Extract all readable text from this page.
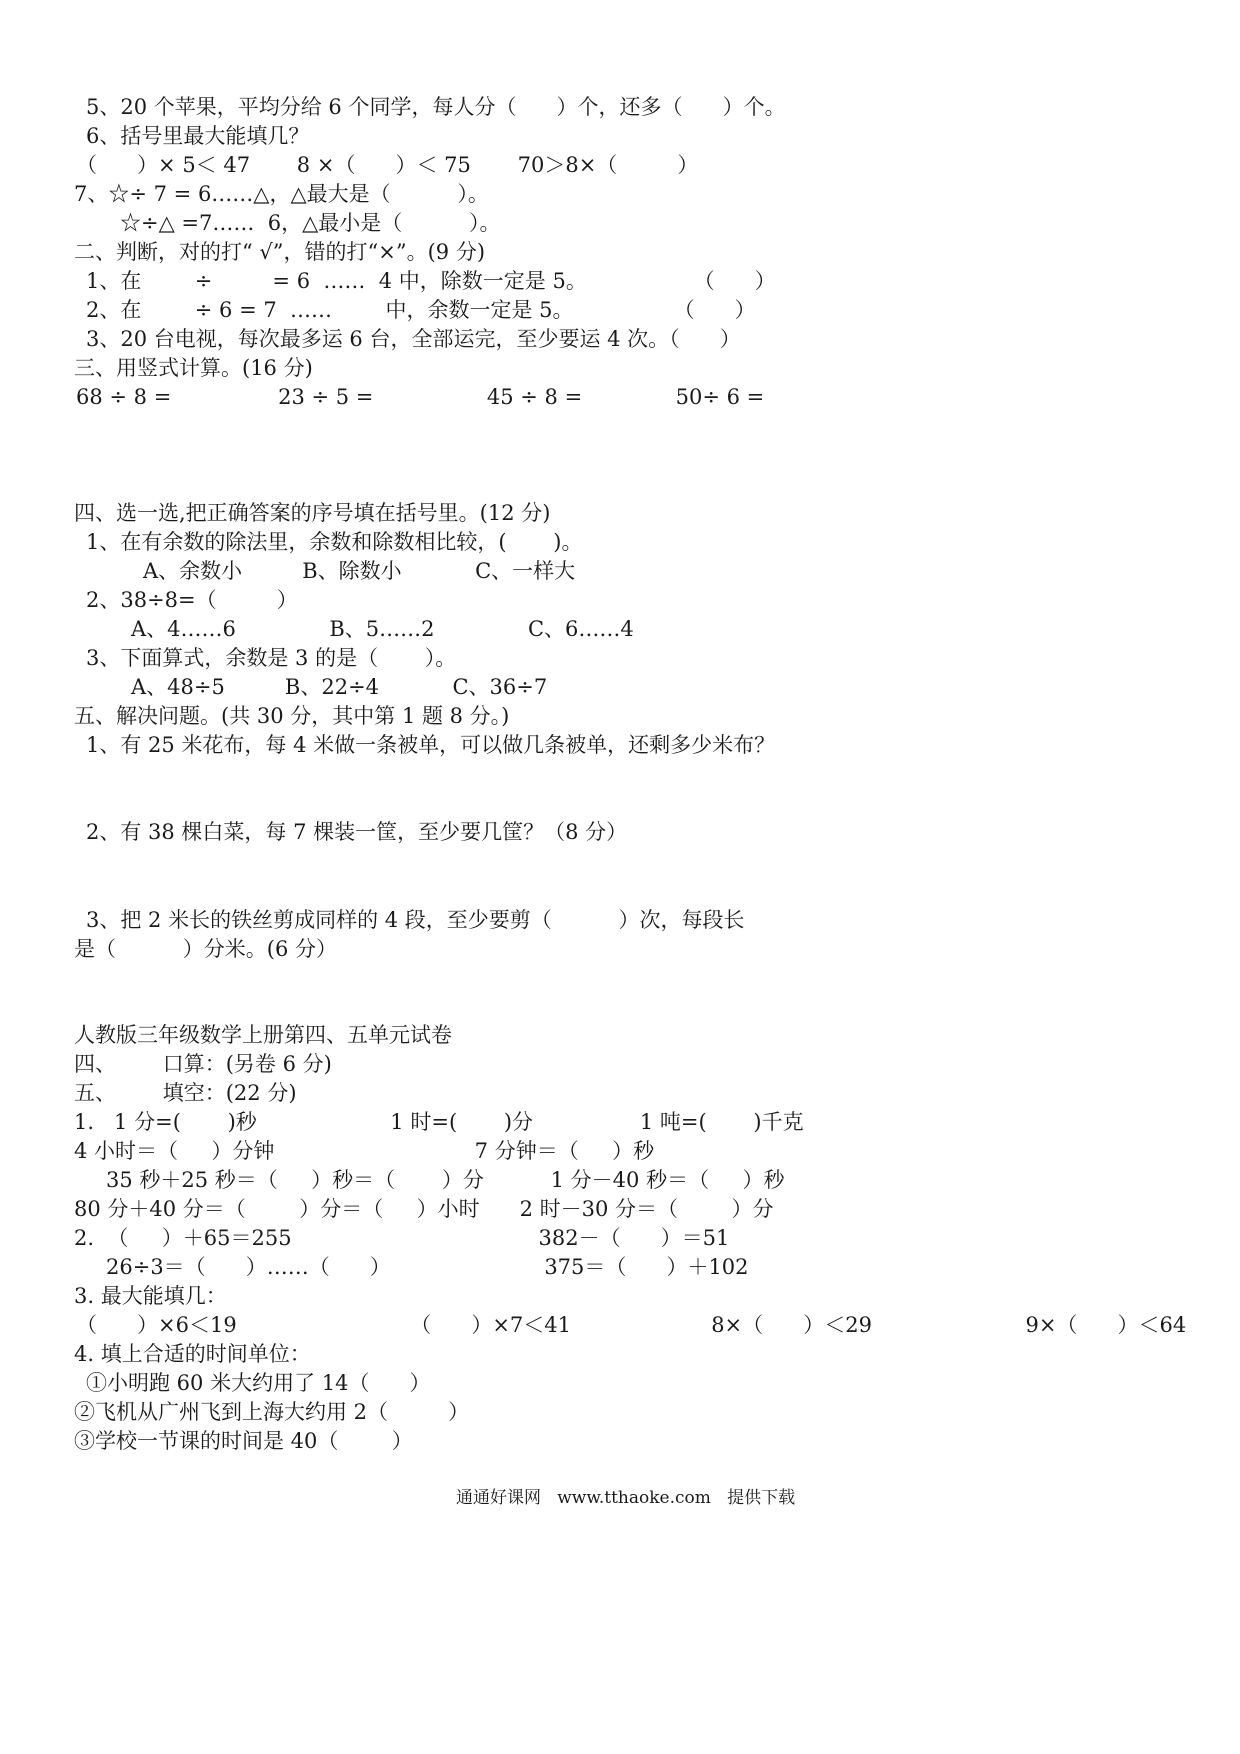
5、20 个苹果，平均分给 6 个同学，每人分（      ）个，还多（      ）个。
6、括号里最大能填几？
（      ）× 5＜ 47       8 ×（      ）＜ 75       70＞8×（         ）
7、☆÷ 7 = 6……△，△最大是（          ）。
☆÷△ =7……  6，△最小是（          ）。
二、判断，对的打“ √”，错的打“×”。(9 分)
1、在        ÷         = 6  ……  4 中，除数一定是 5。                （      ）
2、在        ÷ 6 = 7  ……        中，余数一定是 5。               （      ）
3、20 台电视，每次最多运 6 台，全部运完，至少要运 4 次。（      ）
三、用竖式计算。(16 分)
68 ÷ 8 =                23 ÷ 5 =                 45 ÷ 8 =              50÷ 6 =
四、选一选,把正确答案的序号填在括号里。(12 分)
1、在有余数的除法里，余数和除数相比较，(       )。
A、余数小         B、除数小           C、一样大
2、38÷8=（         ）
A、4……6              B、5……2              C、6……4
3、下面算式，余数是 3 的是（       ）。
A、48÷5         B、22÷4           C、36÷7
五、解决问题。(共 30 分，其中第 1 题 8 分。)
1、有 25 米花布，每 4 米做一条被单，可以做几条被单，还剩多少米布？
2、有 38 棵白菜，每 7 棵装一筐，至少要几筐？（8 分）
3、把 2 米长的铁丝剪成同样的 4 段，至少要剪（          ）次，每段长
是（          ）分米。(6 分）
人教版三年级数学上册第四、五单元试卷
四、       口算：(另卷 6 分)
五、       填空：(22 分)
1.   1 分=(       )秒                    1 时=(       )分                1 吨=(       )千克
4 小时＝（     ）分钟                              7 分钟＝（     ）秒
35 秒＋25 秒＝（     ）秒＝（       ）分          1 分－40 秒＝（     ）秒
80 分＋40 分＝（        ）分＝（     ）小时      2 时－30 分＝（        ）分
2.  （     ）＋65＝255                                     382－（      ）＝51
26÷3＝（      ）……（      ）                       375＝（      ）＋102
3. 最大能填几：
（      ）×6＜19                          （      ）×7＜41                     8×（      ）＜29                       9×（      ）＜64
4. 填上合适的时间单位：
①小明跑 60 米大约用了 14（      ）
②飞机从广州飞到上海大约用 2（         ）
③学校一节课的时间是 40（        ）
通通好课网   www.tthaoke.com   提供下载
